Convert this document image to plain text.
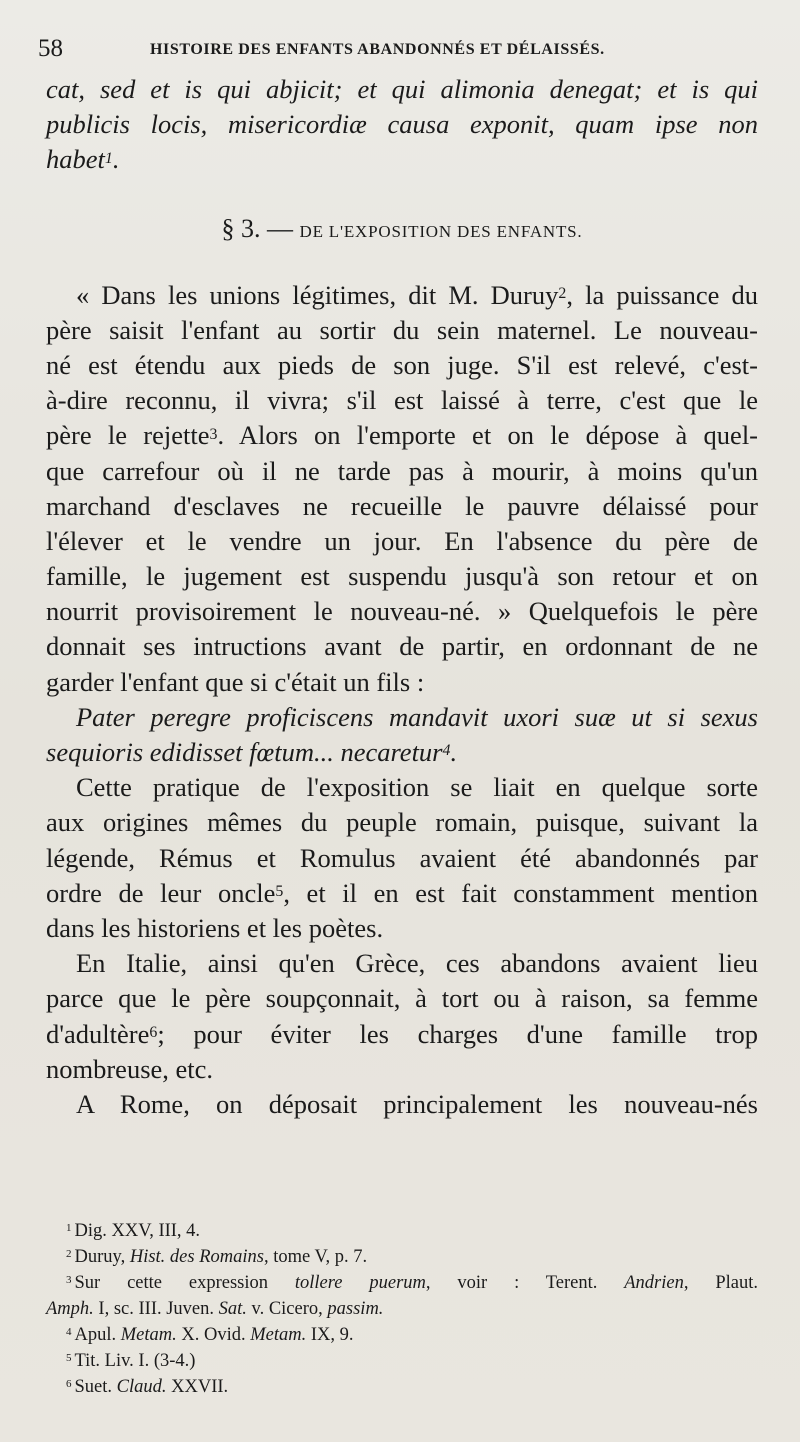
58	HISTOIRE DES ENFANTS ABANDONNÉS ET DÉLAISSÉS.
cat, sed et is qui abjicit; et qui alimonia denegat; et is qui
publicis locis, misericordiæ causa exponit, quam ipse non
habet$^1$.
§ 3. — DE L'EXPOSITION DES ENFANTS.
« Dans les unions légitimes, dit M. Duruy$^2$, la puissance du
père saisit l'enfant au sortir du sein maternel. Le nouveau-
né est étendu aux pieds de son juge. S'il est relevé, c'est-
à-dire reconnu, il vivra; s'il est laissé à terre, c'est que le
père le rejette$^3$. Alors on l'emporte et on le dépose à quel-
que carrefour où il ne tarde pas à mourir, à moins qu'un
marchand d'esclaves ne recueille le pauvre délaissé pour
l'élever et le vendre un jour. En l'absence du père de
famille, le jugement est suspendu jusqu'à son retour et on
nourrit provisoirement le nouveau-né. » Quelquefois le père
donnait ses intructions avant de partir, en ordonnant de ne
garder l'enfant que si c'était un fils :
Pater peregre proficiscens mandavit uxori suæ ut si sexus
sequioris edidisset fœtum... necaretur$^4$.
Cette pratique de l'exposition se liait en quelque sorte
aux origines mêmes du peuple romain, puisque, suivant la
légende, Rémus et Romulus avaient été abandonnés par
ordre de leur oncle$^5$, et il en est fait constamment mention
dans les historiens et les poètes.
En Italie, ainsi qu'en Grèce, ces abandons avaient lieu
parce que le père soupçonnait, à tort ou à raison, sa femme
d'adultère$^6$; pour éviter les charges d'une famille trop
nombreuse, etc.
A Rome, on déposait principalement les nouveau-nés
$^1$ Dig. XXV, III, 4.
$^2$ Duruy, Hist. des Romains, tome V, p. 7.
$^3$ Sur cette expression tollere puerum, voir : Terent. Andrien, Plaut.
Amph. I, sc. III. Juven. Sat. v. Cicero, passim.
$^4$ Apul. Metam. X. Ovid. Metam. IX, 9.
$^5$ Tit. Liv. I. (3-4.)
$^6$ Suet. Claud. XXVII.
